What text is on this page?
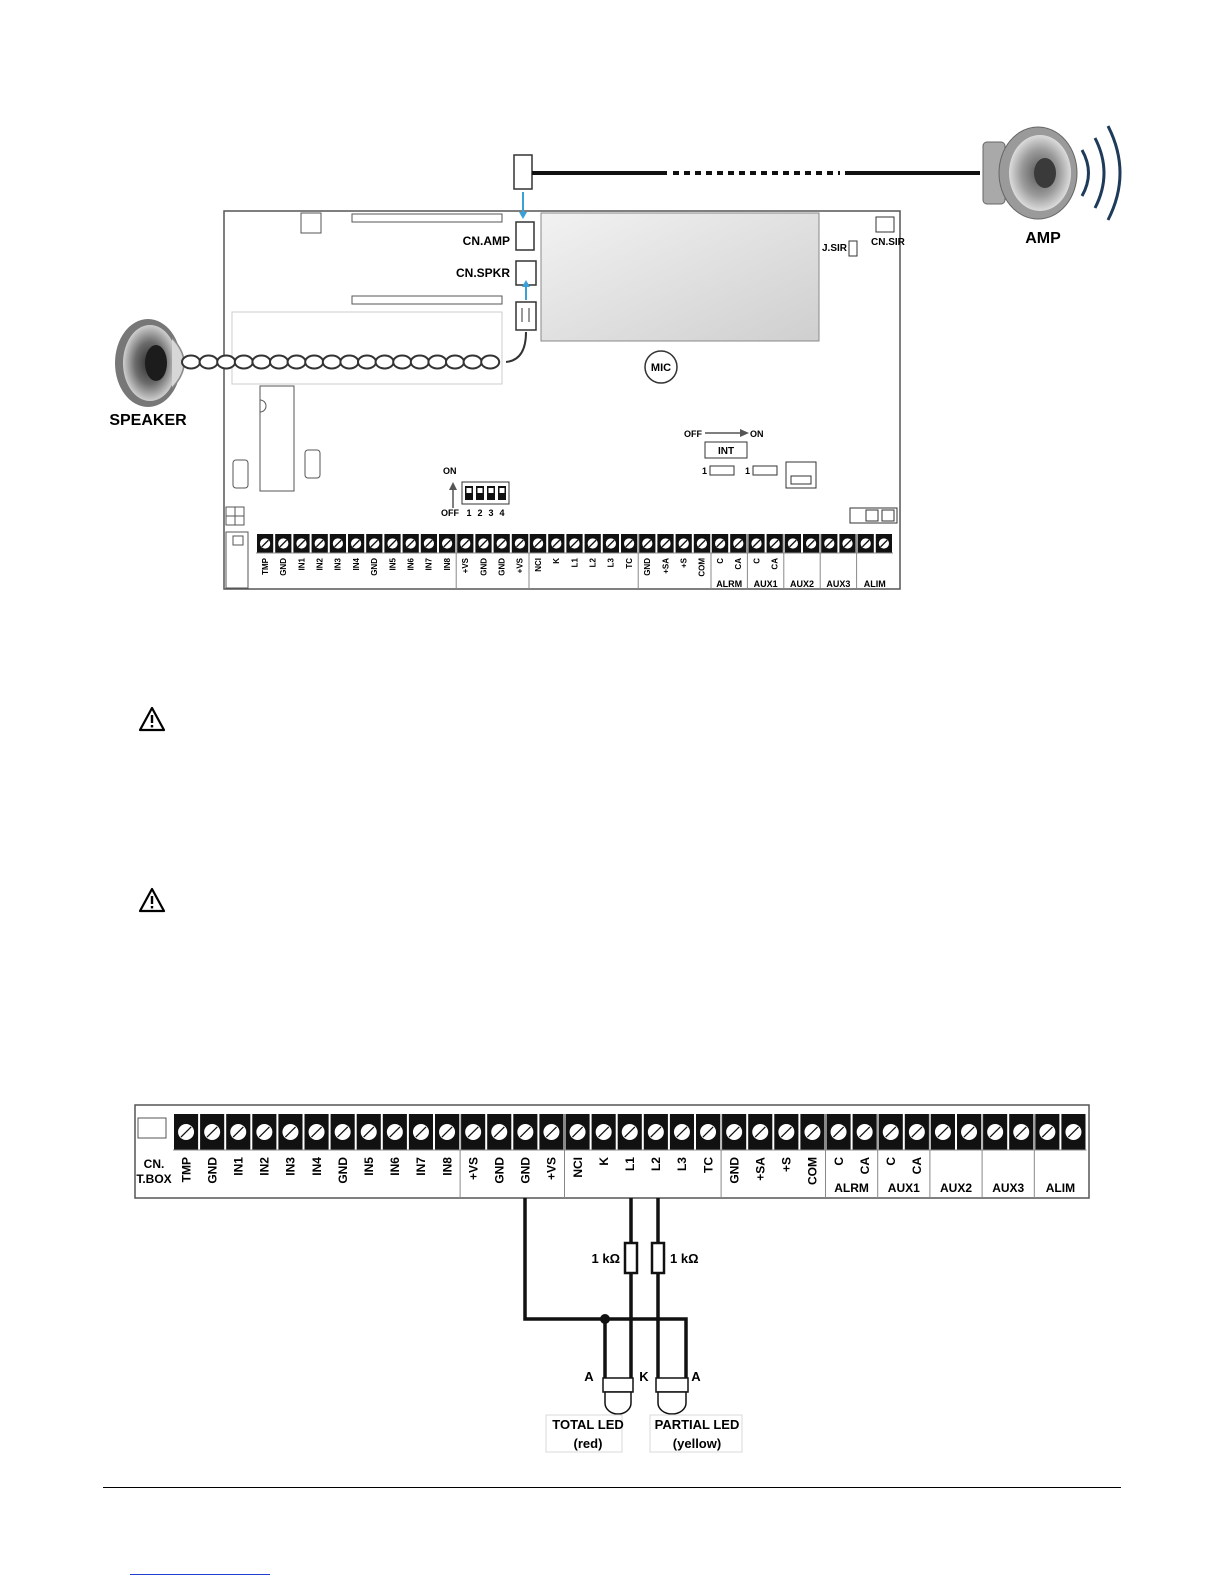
CN.AMP
CN.SPKR
J.SIR
CN.SIR
MIC
OFF	ON
INT
1	1
ON
OFF 1 2 3 4
TMP GND IN1 IN2 IN3 IN4 GND IN5 IN6 IN7 IN8 +VS GND GND +VS NCI K L1 L2 L3 TC GND +SA +S COM C CA
ALRM
C CA
AUX1 AUX2 AUX3 ALIM
SPEAKER
AMP
CN.
T.BOX TMP GND IN1 IN2 IN3 IN4 GND IN5 IN6 IN7 IN8 +VS GND GND +VS NCI K L1 L2 L3 TC GND +SA +S COM C CA
ALRM
C CA
AUX1 AUX2 AUX3 ALIM
1 kΩ	1 kΩ
A	K	A
TOTAL LED
(red)
PARTIAL LED
(yellow)
